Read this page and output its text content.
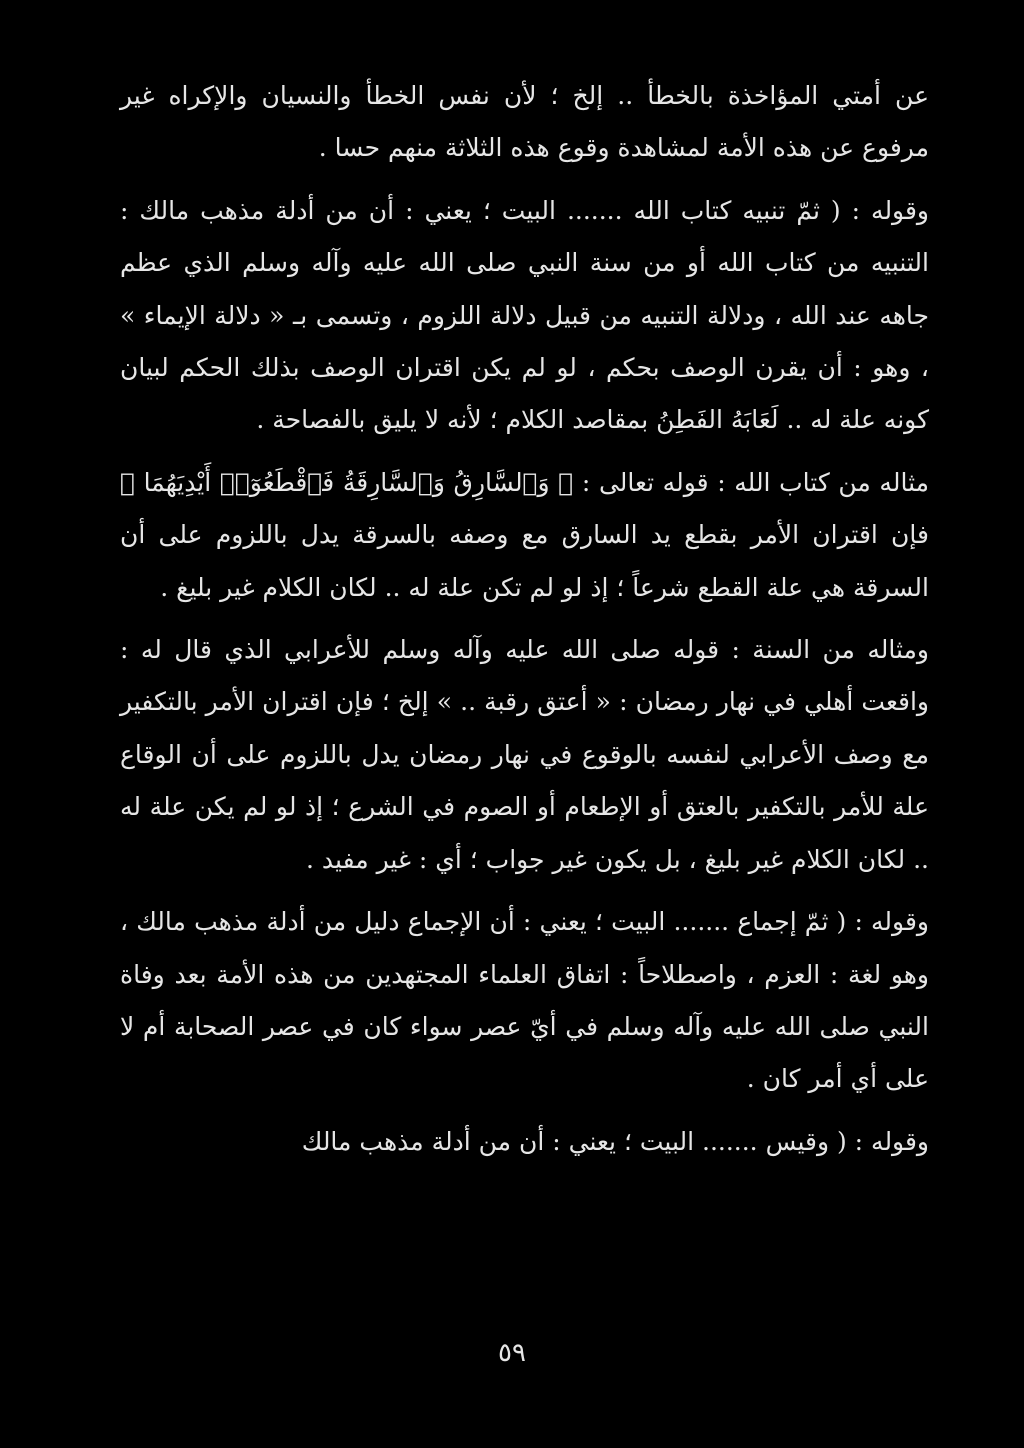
عن أمتي المؤاخذة بالخطأ .. إلخ ؛ لأن نفس الخطأ والنسيان والإكراه غير مرفوع عن هذه الأمة لمشاهدة وقوع هذه الثلاثة منهم حسا .

وقوله : ( ثمّ تنبيه كتاب الله ....... البيت ؛ يعني : أن من أدلة مذهب مالك : التنبيه من كتاب الله أو من سنة النبي صلى الله عليه وآله وسلم الذي عظم جاهه عند الله ، ودلالة التنبيه من قبيل دلالة اللزوم ، وتسمى بـ « دلالة الإيماء » ، وهو : أن يقرن الوصف بحكم ، لو لم يكن اقتران الوصف بذلك الحكم لبيان كونه علة له .. لَعَابَهُ الفَطِنُ بمقاصد الكلام ؛ لأنه لا يليق بالفصاحة .

مثاله من كتاب الله : قوله تعالى : ﴿ وَٱلسَّارِقُ وَٱلسَّارِقَةُ فَٱقْطَعُوٓا۟ أَيْدِيَهُمَا ﴾ فإن اقتران الأمر بقطع يد السارق مع وصفه بالسرقة يدل باللزوم على أن السرقة هي علة القطع شرعاً ؛ إذ لو لم تكن علة له .. لكان الكلام غير بليغ .

ومثاله من السنة : قوله صلى الله عليه وآله وسلم للأعرابي الذي قال له : واقعت أهلي في نهار رمضان : « أعتق رقبة .. » إلخ ؛ فإن اقتران الأمر بالتكفير مع وصف الأعرابي لنفسه بالوقوع في نهار رمضان يدل باللزوم على أن الوقاع علة للأمر بالتكفير بالعتق أو الإطعام أو الصوم في الشرع ؛ إذ لو لم يكن علة له .. لكان الكلام غير بليغ ، بل يكون غير جواب ؛ أي : غير مفيد .

وقوله : ( ثمّ إجماع ....... البيت ؛ يعني : أن الإجماع دليل من أدلة مذهب مالك ، وهو لغة : العزم ، واصطلاحاً : اتفاق العلماء المجتهدين من هذه الأمة بعد وفاة النبي صلى الله عليه وآله وسلم في أيّ عصر سواء كان في عصر الصحابة أم لا على أي أمر كان .

وقوله : ( وقيس ....... البيت ؛ يعني : أن من أدلة مذهب مالك

٥٩
